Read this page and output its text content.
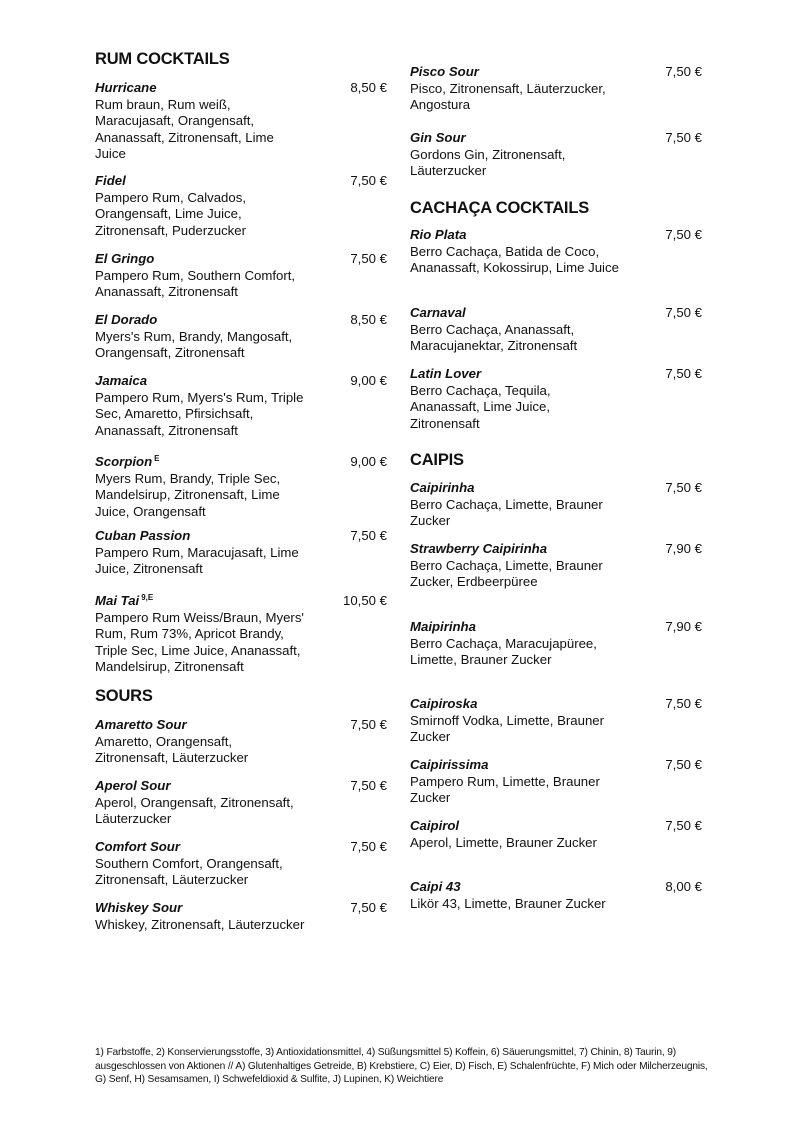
RUM COCKTAILS
Hurricane	8,50 €
Rum braun, Rum weiß, Maracujasaft, Orangensaft, Ananassaft, Zitronensaft, Lime Juice
Fidel	7,50 €
Pampero Rum, Calvados, Orangensaft, Lime Juice, Zitronensaft, Puderzucker
El Gringo	7,50 €
Pampero Rum, Southern Comfort, Ananassaft, Zitronensaft
El Dorado	8,50 €
Myers's Rum, Brandy, Mangosaft, Orangensaft, Zitronensaft
Jamaica	9,00 €
Pampero Rum, Myers's Rum, Triple Sec, Amaretto, Pfirsichsaft, Ananassaft, Zitronensaft
Scorpion $^E$	9,00 €
Myers Rum, Brandy, Triple Sec, Mandelsirup, Zitronensaft, Lime Juice, Orangensaft
Cuban Passion	7,50 €
Pampero Rum, Maracujasaft, Lime Juice, Zitronensaft
Mai Tai $^{9,E}$	10,50 €
Pampero Rum Weiss/Braun, Myers' Rum, Rum 73%, Apricot Brandy, Triple Sec, Lime Juice, Ananassaft, Mandelsirup, Zitronensaft
SOURS
Amaretto Sour	7,50 €
Amaretto, Orangensaft, Zitronensaft, Läuterzucker
Aperol Sour	7,50 €
Aperol, Orangensaft, Zitronensaft, Läuterzucker
Comfort Sour	7,50 €
Southern Comfort, Orangensaft, Zitronensaft, Läuterzucker
Whiskey Sour	7,50 €
Whiskey, Zitronensaft, Läuterzucker
Pisco Sour	7,50 €
Pisco, Zitronensaft, Läuterzucker, Angostura
Gin Sour	7,50 €
Gordons Gin, Zitronensaft, Läuterzucker
CACHAÇA COCKTAILS
Rio Plata	7,50 €
Berro Cachaça, Batida de Coco, Ananassaft, Kokossirup, Lime Juice
Carnaval	7,50 €
Berro Cachaça, Ananassaft, Maracujanektar, Zitronensaft
Latin Lover	7,50 €
Berro Cachaça, Tequila, Ananassaft, Lime Juice, Zitronensaft
CAIPIS
Caipirinha	7,50 €
Berro Cachaça, Limette, Brauner Zucker
Strawberry Caipirinha	7,90 €
Berro Cachaça, Limette, Brauner Zucker, Erdbeerpüree
Maipirinha	7,90 €
Berro Cachaça, Maracujapüree, Limette, Brauner Zucker
Caipiroska	7,50 €
Smirnoff Vodka, Limette, Brauner Zucker
Caipirissima	7,50 €
Pampero Rum, Limette, Brauner Zucker
Caipirol	7,50 €
Aperol, Limette, Brauner Zucker
Caipi 43	8,00 €
Likör 43, Limette, Brauner Zucker
1) Farbstoffe, 2) Konservierungsstoffe, 3) Antioxidationsmittel, 4) Süßungsmittel 5) Koffein, 6) Säuerungsmittel, 7) Chinin, 8) Taurin, 9) ausgeschlossen von Aktionen // A) Glutenhaltiges Getreide, B) Krebstiere, C) Eier, D) Fisch, E) Schalenfrüchte, F) Mich oder Milcherzeugnis, G) Senf, H) Sesamsamen, I) Schwefeldioxid & Sulfite, J) Lupinen, K) Weichtiere
